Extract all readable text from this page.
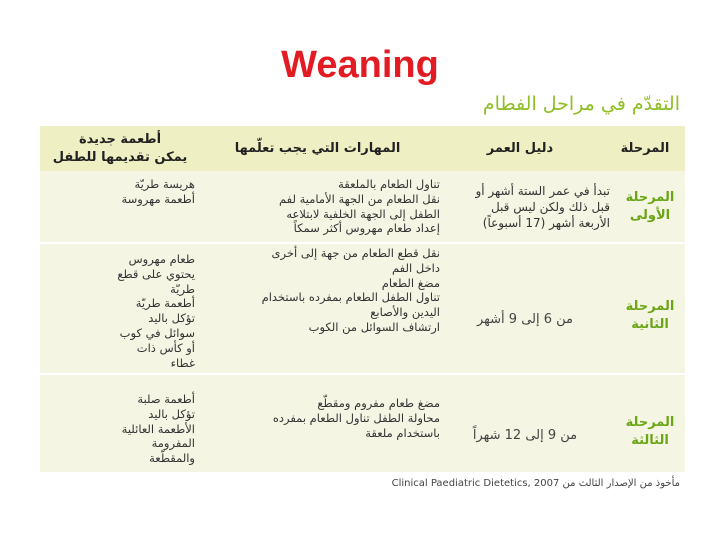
Weaning
التقدّم في مراحل الفطام
المرحلة
دليل العمر
المهارات التي يجب تعلّمها
أطعمة جديدة
يمكن تقديمها للطفل
المرحلة
الأولى
تبدأ في عمر الستة أشهر أو
قبل ذلك ولكن ليس قبل
الأربعة أشهر (17 أسبوعاً)
تناول الطعام بالملعقة
نقل الطعام من الجهة الأمامية لفم
الطفل إلى الجهة الخلفية لابتلاعه
إعداد طعام مهروس أكثر سمكاً
هريسة طريّة
أطعمة مهروسة
المرحلة
الثانية
من 6 إلى 9 أشهر
نقل قطع الطعام من جهة إلى أخرى
داخل الفم
مضغ الطعام
تناول الطفل الطعام بمفرده باستخدام
اليدين والأصابع
ارتشاف السوائل من الكوب
طعام مهروس
يحتوي على قطع
طريّة
أطعمة طريّة
تؤكل باليد
سوائل في كوب
أو كأس ذات
غطاء
المرحلة
الثالثة
من 9 إلى 12 شهراً
مضغ طعام مفروم ومقطّع
محاولة الطفل تناول الطعام بمفرده
باستخدام ملعقة
أطعمة صلبة
تؤكل باليد
الأطعمة العائلية
المفرومة
والمقطّعة
مأخوذ من الإصدار الثالث من Clinical Paediatric Dietetics, 2007
